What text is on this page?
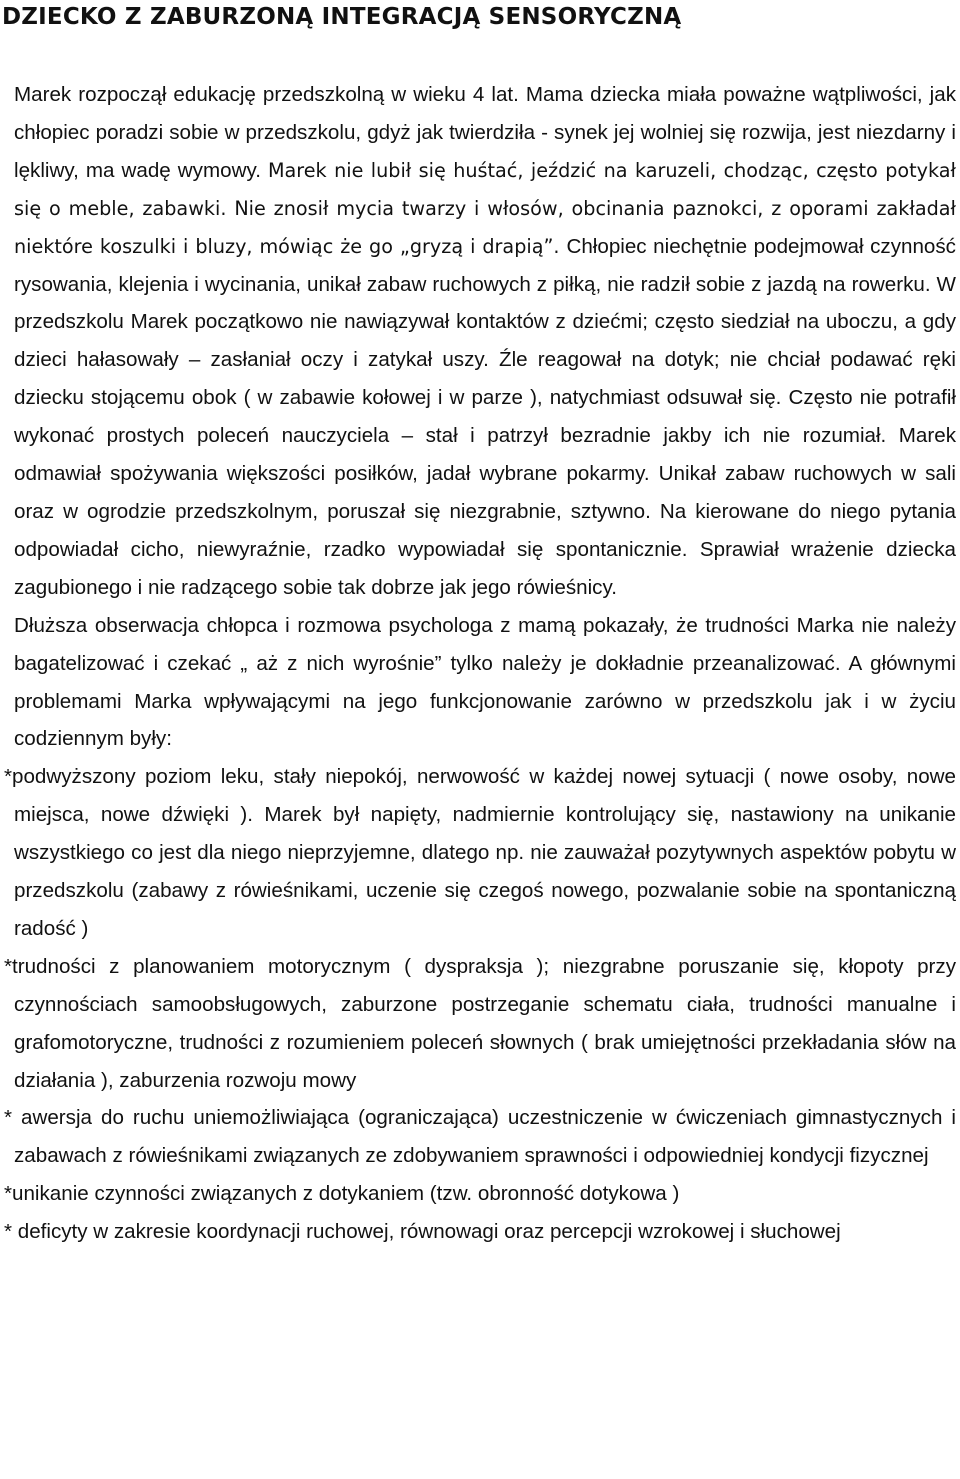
DZIECKO Z ZABURZONĄ INTEGRACJĄ SENSORYCZNĄ

Marek rozpoczął edukację przedszkolną w wieku 4 lat. Mama dziecka miała poważne wątpliwości, jak chłopiec poradzi sobie w przedszkolu, gdyż jak twierdziła - synek jej wolniej się rozwija, jest niezdarny i lękliwy, ma wadę wymowy. Marek nie lubił się huśtać, jeździć na karuzeli, chodząc, często potykał się o meble, zabawki. Nie znosił mycia twarzy i włosów, obcinania paznokci, z oporami zakładał niektóre koszulki i bluzy, mówiąc że go „gryzą i drapią”. Chłopiec niechętnie podejmował czynność rysowania, klejenia i wycinania, unikał zabaw ruchowych z piłką, nie radził sobie z jazdą na rowerku. W przedszkolu Marek początkowo nie nawiązywał kontaktów z dziećmi; często siedział na uboczu, a gdy dzieci hałasowały – zasłaniał oczy i zatykał uszy. Źle reagował na dotyk; nie chciał podawać ręki dziecku stojącemu obok ( w zabawie kołowej i w parze ), natychmiast odsuwał się. Często nie potrafił wykonać prostych poleceń nauczyciela – stał i patrzył bezradnie jakby ich nie rozumiał. Marek odmawiał spożywania większości posiłków, jadał wybrane pokarmy. Unikał zabaw ruchowych w sali oraz w ogrodzie przedszkolnym, poruszał się niezgrabnie, sztywno. Na kierowane do niego pytania odpowiadał cicho, niewyraźnie, rzadko wypowiadał się spontanicznie. Sprawiał wrażenie dziecka zagubionego i nie radzącego sobie tak dobrze jak jego rówieśnicy.

Dłuższa obserwacja chłopca i rozmowa psychologa z mamą pokazały, że trudności Marka nie należy bagatelizować i czekać „ aż z nich wyrośnie” tylko należy je dokładnie przeanalizować. A głównymi problemami Marka wpływającymi na jego funkcjonowanie zarówno w przedszkolu jak i w życiu codziennym były:

*podwyższony poziom leku, stały niepokój, nerwowość w każdej nowej sytuacji ( nowe osoby, nowe miejsca, nowe dźwięki ). Marek był napięty, nadmiernie kontrolujący się, nastawiony na unikanie wszystkiego co jest dla niego nieprzyjemne, dlatego np. nie zauważał pozytywnych aspektów pobytu w przedszkolu (zabawy z rówieśnikami, uczenie się czegoś nowego, pozwalanie sobie na spontaniczną radość )

*trudności z planowaniem motorycznym ( dyspraksja ); niezgrabne poruszanie się, kłopoty przy czynnościach samoobsługowych, zaburzone postrzeganie schematu ciała, trudności manualne i grafomotoryczne, trudności z rozumieniem poleceń słownych ( brak umiejętności przekładania słów na działania ), zaburzenia rozwoju mowy

* awersja do ruchu uniemożliwiająca (ograniczająca) uczestniczenie w ćwiczeniach gimnastycznych i zabawach z rówieśnikami związanych ze zdobywaniem sprawności i odpowiedniej kondycji fizycznej

*unikanie czynności związanych z dotykaniem (tzw. obronność dotykowa )

* deficyty w zakresie koordynacji ruchowej, równowagi oraz percepcji wzrokowej i słuchowej
